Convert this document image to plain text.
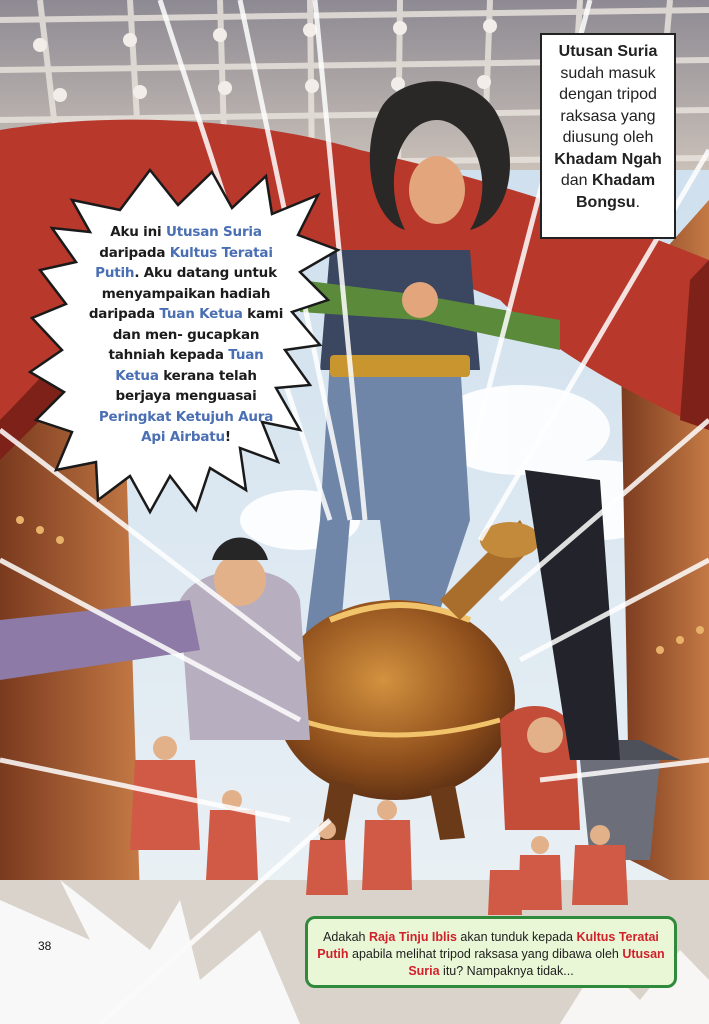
Utusan Suria
sudah masuk
dengan tripod
raksasa yang
diusung oleh
Khadam Ngah
dan Khadam
Bongsu.
Aku ini Utusan Suria daripada Kultus Teratai Putih. Aku datang untuk menyampaikan hadiah daripada Tuan Ketua kami dan men- gucapkan tahniah kepada Tuan Ketua kerana telah berjaya menguasai Peringkat Ketujuh Aura Api Airbatu!
Adakah Raja Tinju Iblis akan tunduk kepada Kultus Teratai Putih apabila melihat tripod raksasa yang dibawa oleh Utusan Suria itu? Nampaknya tidak...
38
